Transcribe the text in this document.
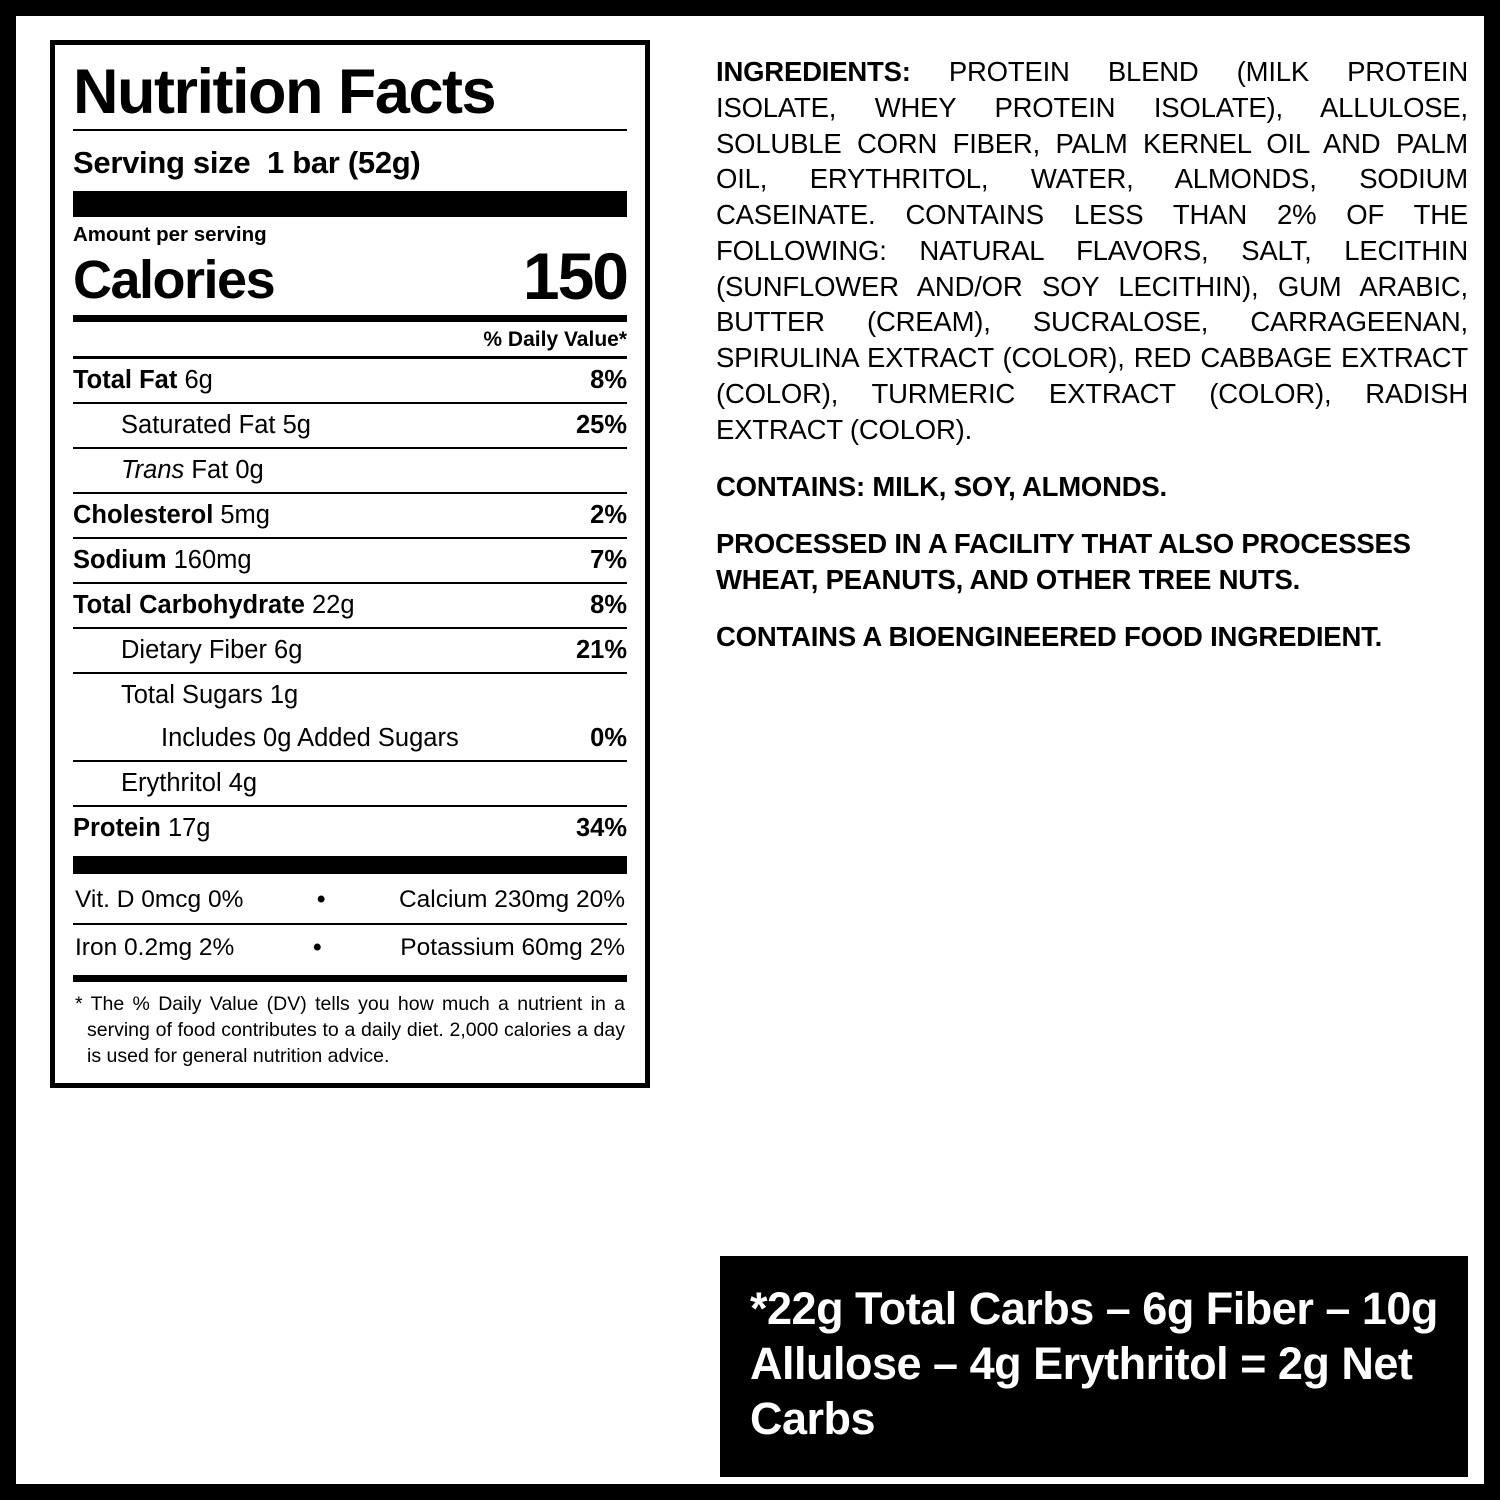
Nutrition Facts
Serving size 1 bar (52g)
Amount per serving
Calories	150
% Daily Value*
Total Fat 6g	8%
Saturated Fat 5g	25%
Trans Fat 0g
Cholesterol 5mg	2%
Sodium 160mg	7%
Total Carbohydrate 22g	8%
Dietary Fiber 6g	21%
Total Sugars 1g
Includes 0g Added Sugars	0%
Erythritol 4g
Protein 17g	34%
Vit. D 0mcg 0%	•	Calcium 230mg 20%
Iron 0.2mg 2%	•	Potassium 60mg 2%
* The % Daily Value (DV) tells you how much a nutrient in a serving of food contributes to a daily diet. 2,000 calories a day is used for general nutrition advice.
INGREDIENTS: PROTEIN BLEND (MILK PROTEIN ISOLATE, WHEY PROTEIN ISOLATE), ALLULOSE, SOLUBLE CORN FIBER, PALM KERNEL OIL AND PALM OIL, ERYTHRITOL, WATER, ALMONDS, SODIUM CASEINATE. CONTAINS LESS THAN 2% OF THE FOLLOWING: NATURAL FLAVORS, SALT, LECITHIN (SUNFLOWER AND/OR SOY LECITHIN), GUM ARABIC, BUTTER (CREAM), SUCRALOSE, CARRAGEENAN, SPIRULINA EXTRACT (COLOR), RED CABBAGE EXTRACT (COLOR), TURMERIC EXTRACT (COLOR), RADISH EXTRACT (COLOR).
CONTAINS: MILK, SOY, ALMONDS.
PROCESSED IN A FACILITY THAT ALSO PROCESSES WHEAT, PEANUTS, AND OTHER TREE NUTS.
CONTAINS A BIOENGINEERED FOOD INGREDIENT.
*22g Total Carbs – 6g Fiber – 10g Allulose – 4g Erythritol = 2g Net Carbs
